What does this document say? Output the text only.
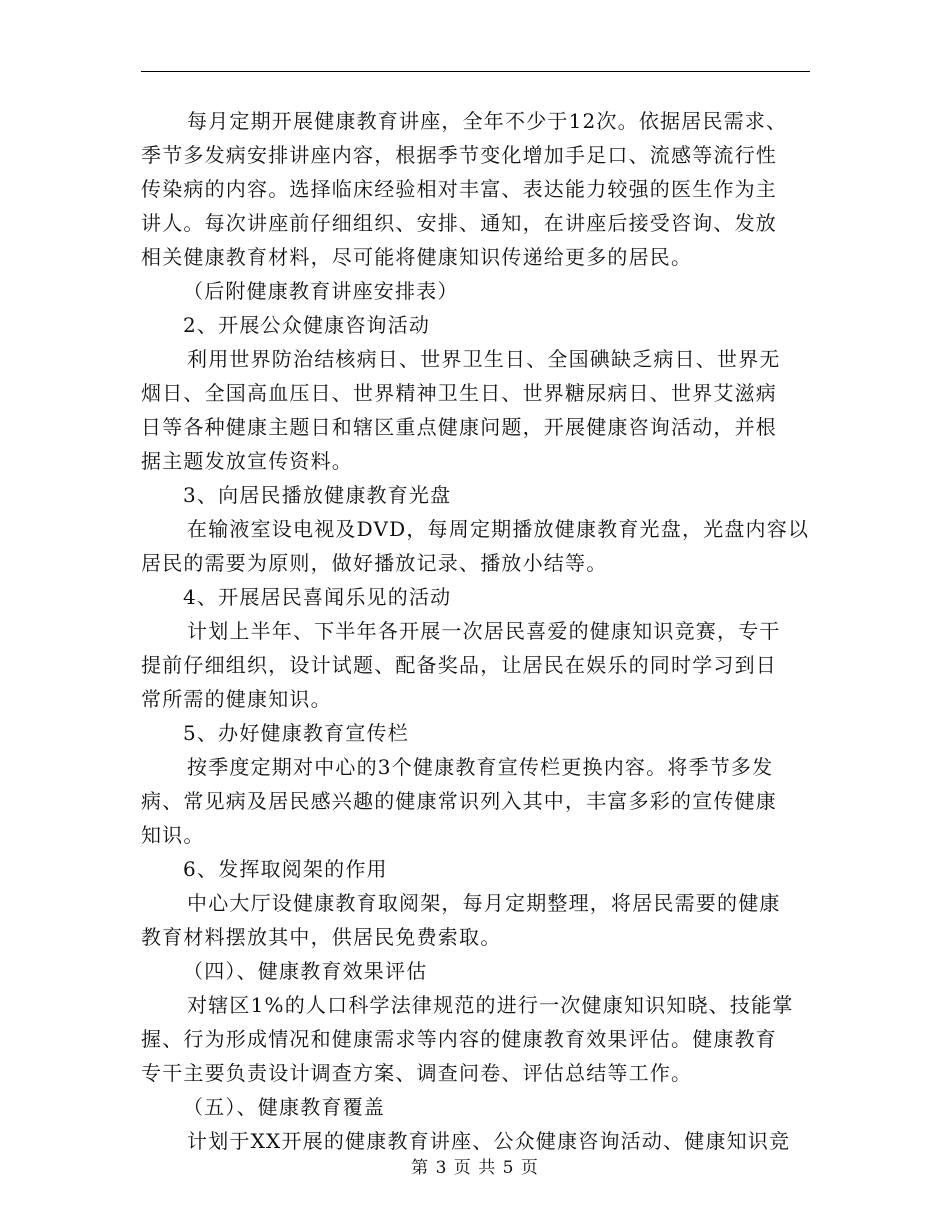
每月定期开展健康教育讲座，全年不少于12次。依据居民需求、

季节多发病安排讲座内容，根据季节变化增加手足口、流感等流行性

传染病的内容。选择临床经验相对丰富、表达能力较强的医生作为主

讲人。每次讲座前仔细组织、安排、通知，在讲座后接受咨询、发放

相关健康教育材料，尽可能将健康知识传递给更多的居民。

（后附健康教育讲座安排表）

2、开展公众健康咨询活动

利用世界防治结核病日、世界卫生日、全国碘缺乏病日、世界无

烟日、全国高血压日、世界精神卫生日、世界糖尿病日、世界艾滋病

日等各种健康主题日和辖区重点健康问题，开展健康咨询活动，并根

据主题发放宣传资料。

3、向居民播放健康教育光盘

在输液室设电视及DVD，每周定期播放健康教育光盘，光盘内容以

居民的需要为原则，做好播放记录、播放小结等。

4、开展居民喜闻乐见的活动

计划上半年、下半年各开展一次居民喜爱的健康知识竞赛，专干

提前仔细组织，设计试题、配备奖品，让居民在娱乐的同时学习到日

常所需的健康知识。

5、办好健康教育宣传栏

按季度定期对中心的3个健康教育宣传栏更换内容。将季节多发

病、常见病及居民感兴趣的健康常识列入其中，丰富多彩的宣传健康

知识。

6、发挥取阅架的作用

中心大厅设健康教育取阅架，每月定期整理，将居民需要的健康

教育材料摆放其中，供居民免费索取。

（四）、健康教育效果评估

对辖区1%的人口科学法律规范的进行一次健康知识知晓、技能掌

握、行为形成情况和健康需求等内容的健康教育效果评估。健康教育

专干主要负责设计调查方案、调查问卷、评估总结等工作。

（五）、健康教育覆盖

计划于XX开展的健康教育讲座、公众健康咨询活动、健康知识竞

第 3 页 共 5 页
